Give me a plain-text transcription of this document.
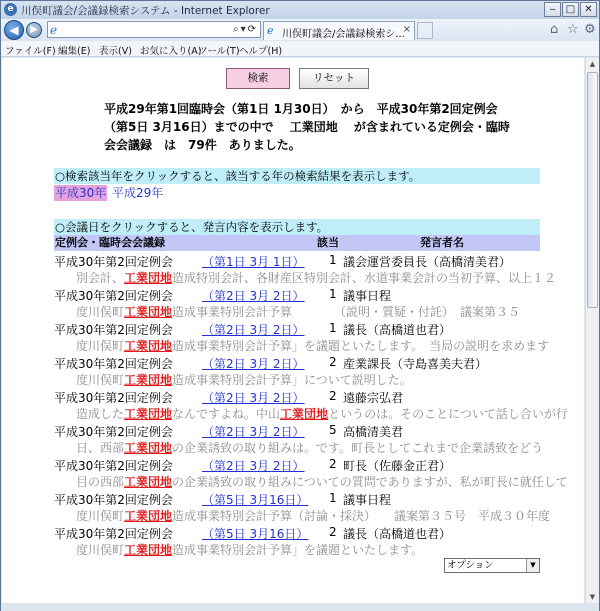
e 川俣町議会/会議録検索システム - Internet Explorer	‒	□ ✕
◀	▶	ℯ	⌕▾⟳ ℯ 川俣町議会/会議録検索シ...
×	⌂ ☆ ⚙
ファイル(F) 編集(E) 表示(V) お気に入り(A)
ツール(T) ヘルプ(H)
検索	リセット
平成29年第1回臨時会（第1日 1月30日）　から　平成30年第2回定例会
（第5日 3月16日）までの中で　 工業団地 　が含まれている定例会・臨時
会会議録　は　79件　ありました。
○検索該当年をクリックすると、該当する年の検索結果を表示します。
平成30年 平成29年
○会議日をクリックすると、発言内容を表示します。
定例会・臨時会会議録	該当	発言者名
平成30年第2回定例会 （第1日 3月 1日） 1 議会運営委員長（高橋清美君）
別会計、工業団地造成特別会計、各財産区特別会計、水道事業会計の当初予算、以上１２
平成30年第2回定例会 （第2日 3月 2日） 1 議事日程
度川俣町工業団地造成事業特別会計予算　　　　（説明・質疑・付託）　議案第３５
平成30年第2回定例会 （第2日 3月 2日） 1 議長（高橋道也君）
度川俣町工業団地造成事業特別会計予算」を議題といたします。　当局の説明を求めます
平成30年第2回定例会 （第2日 3月 2日） 2 産業課長（寺島喜美夫君）
度川俣町工業団地造成事業特別会計予算」について説明した。
平成30年第2回定例会 （第2日 3月 2日） 2 遠藤宗弘君
造成した工業団地なんですよね。中山工業団地というのは。そのことについて話し合いが行
平成30年第2回定例会 （第2日 3月 2日） 5 高橋清美君
日、西部工業団地の企業誘致の取り組みは。です。町長としてこれまで企業誘致をどう
平成30年第2回定例会 （第2日 3月 2日） 2 町長（佐藤金正君）
目の西部工業団地の企業誘致の取り組みについての質問でありますが、私が町長に就任して
平成30年第2回定例会 （第5日 3月16日） 1 議事日程
度川俣町工業団地造成事業特別会計予算（討論・採決）　　議案第３５号　平成３０年度
平成30年第2回定例会 （第5日 3月16日） 2 議長（高橋道也君）
度川俣町工業団地造成事業特別会計予算」を議題といたします。
オプション	▼
▲
▼
